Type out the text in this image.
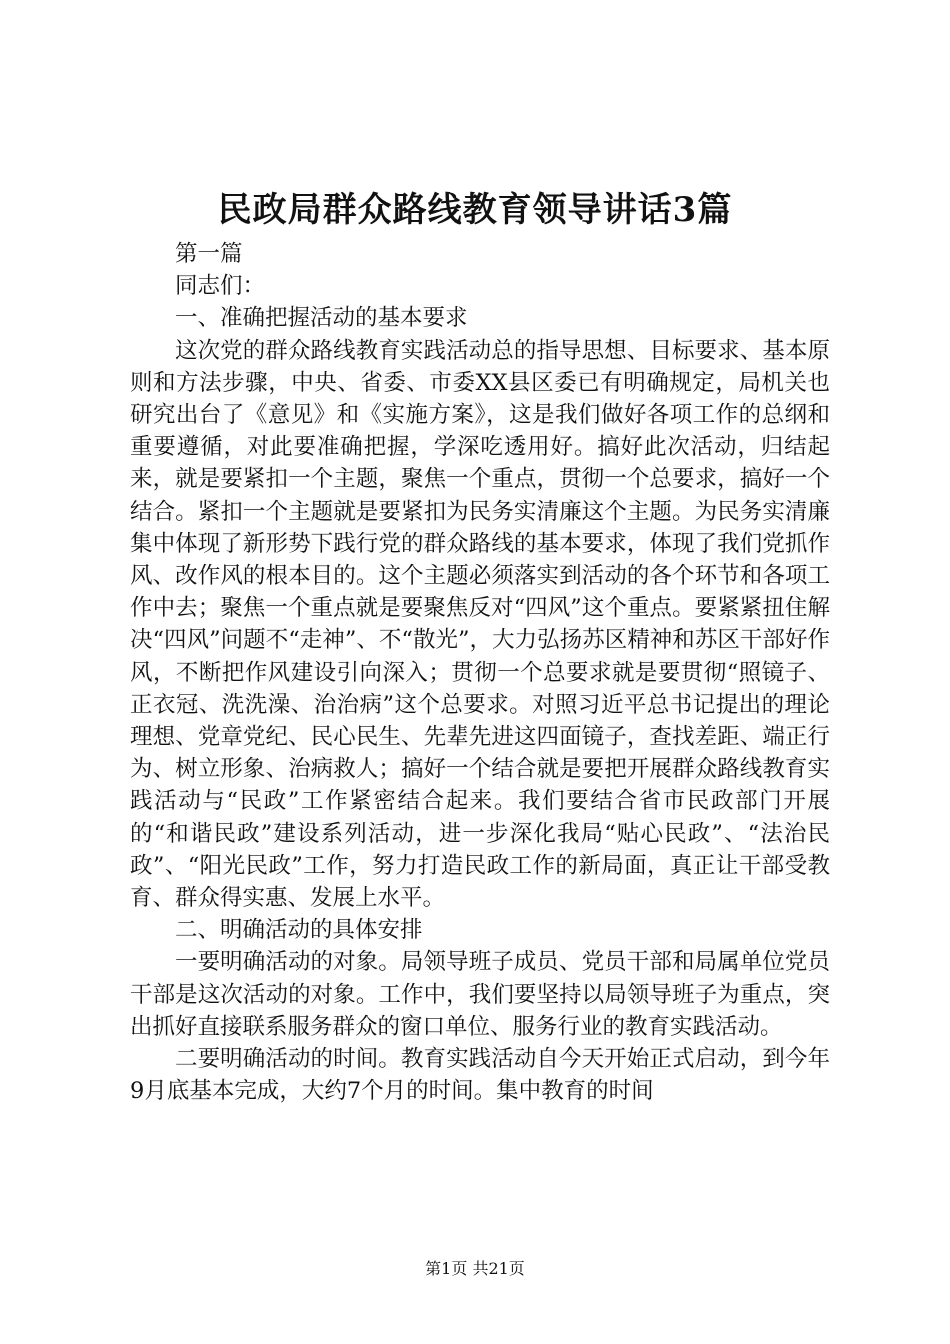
民政局群众路线教育领导讲话3篇

第一篇

同志们：

一、准确把握活动的基本要求

这次党的群众路线教育实践活动总的指导思想、目标要求、基本原则和方法步骤，中央、省委、市委XX县区委已有明确规定，局机关也研究出台了《意见》和《实施方案》，这是我们做好各项工作的总纲和重要遵循，对此要准确把握，学深吃透用好。搞好此次活动，归结起来，就是要紧扣一个主题，聚焦一个重点，贯彻一个总要求，搞好一个结合。紧扣一个主题就是要紧扣为民务实清廉这个主题。为民务实清廉集中体现了新形势下践行党的群众路线的基本要求，体现了我们党抓作风、改作风的根本目的。这个主题必须落实到活动的各个环节和各项工作中去；聚焦一个重点就是要聚焦反对“四风”这个重点。要紧紧扭住解决“四风”问题不“走神”、不“散光”，大力弘扬苏区精神和苏区干部好作风，不断把作风建设引向深入；贯彻一个总要求就是要贯彻“照镜子、正衣冠、洗洗澡、治治病”这个总要求。对照习近平总书记提出的理论理想、党章党纪、民心民生、先辈先进这四面镜子，查找差距、端正行为、树立形象、治病救人；搞好一个结合就是要把开展群众路线教育实践活动与“民政”工作紧密结合起来。我们要结合省市民政部门开展的“和谐民政”建设系列活动，进一步深化我局“贴心民政”、“法治民政”、“阳光民政”工作，努力打造民政工作的新局面，真正让干部受教育、群众得实惠、发展上水平。

二、明确活动的具体安排

一要明确活动的对象。局领导班子成员、党员干部和局属单位党员干部是这次活动的对象。工作中，我们要坚持以局领导班子为重点，突出抓好直接联系服务群众的窗口单位、服务行业的教育实践活动。

二要明确活动的时间。教育实践活动自今天开始正式启动，到今年9月底基本完成，大约7个月的时间。集中教育的时间

第1页 共21页
